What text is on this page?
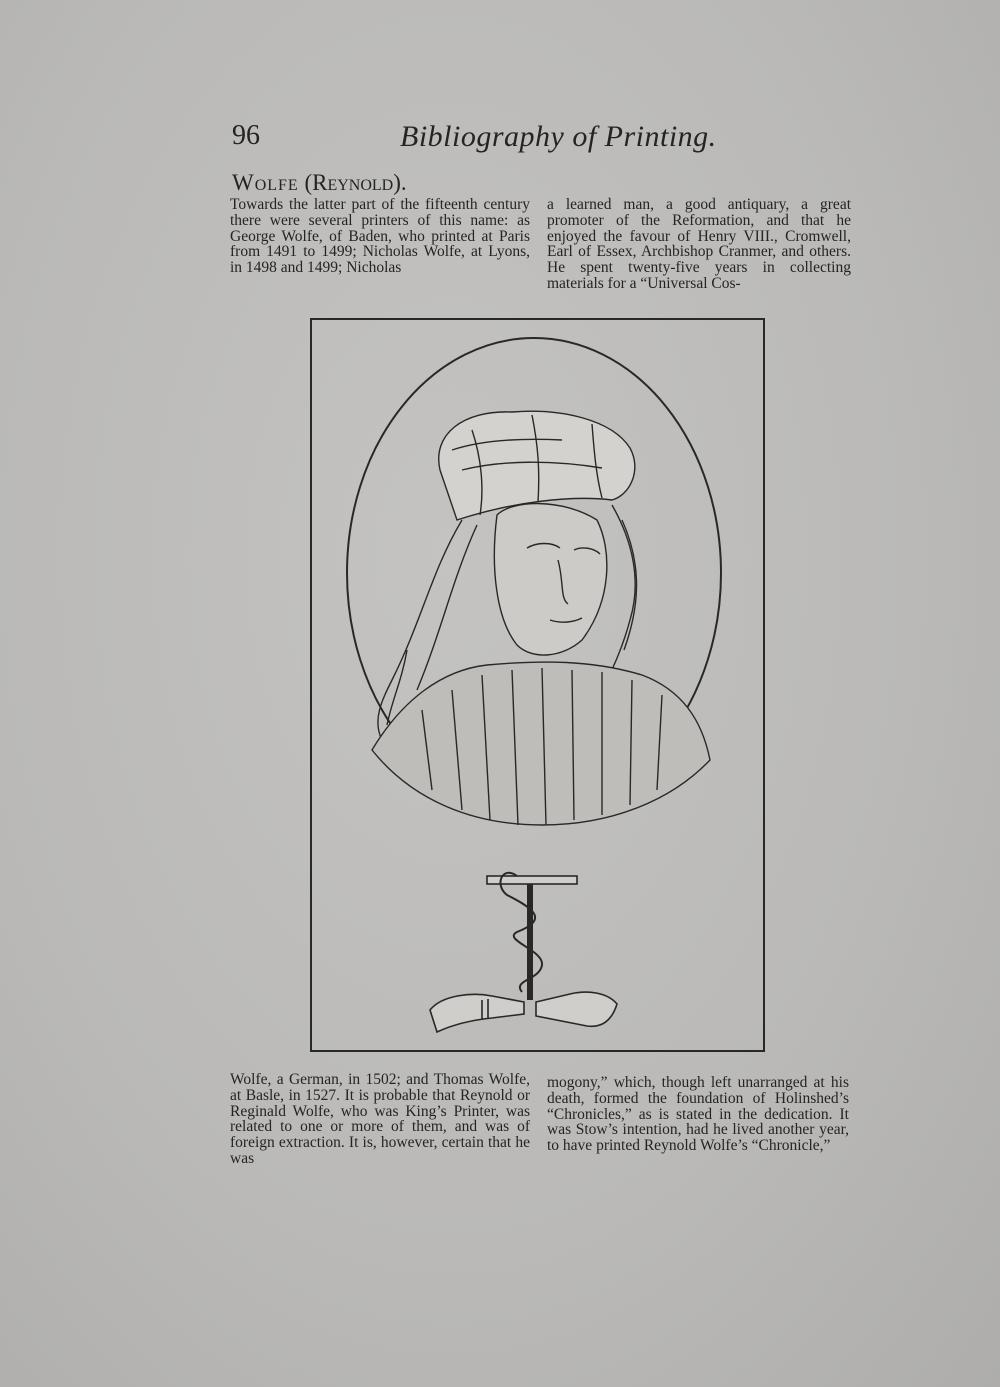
96	Bibliography of Printing.
Wolfe (Reynold).

Towards the latter part of the fifteenth century there were several printers of this name: as George Wolfe, of Baden, who printed at Paris from 1491 to 1499; Nicholas Wolfe, at Lyons, in 1498 and 1499; Nicholas

a learned man, a good antiquary, a great promoter of the Reformation, and that he enjoyed the favour of Henry VIII., Cromwell, Earl of Essex, Archbishop Cranmer, and others. He spent twenty-five years in collecting materials for a “Universal Cos-

Wolfe, a German, in 1502; and Thomas Wolfe, at Basle, in 1527. It is probable that Reynold or Reginald Wolfe, who was King’s Printer, was related to one or more of them, and was of foreign extraction. It is, however, certain that he was

mogony,” which, though left unarranged at his death, formed the foundation of Holinshed’s “Chronicles,” as is stated in the dedication. It was Stow’s intention, had he lived another year, to have printed Reynold Wolfe’s “Chronicle,”
